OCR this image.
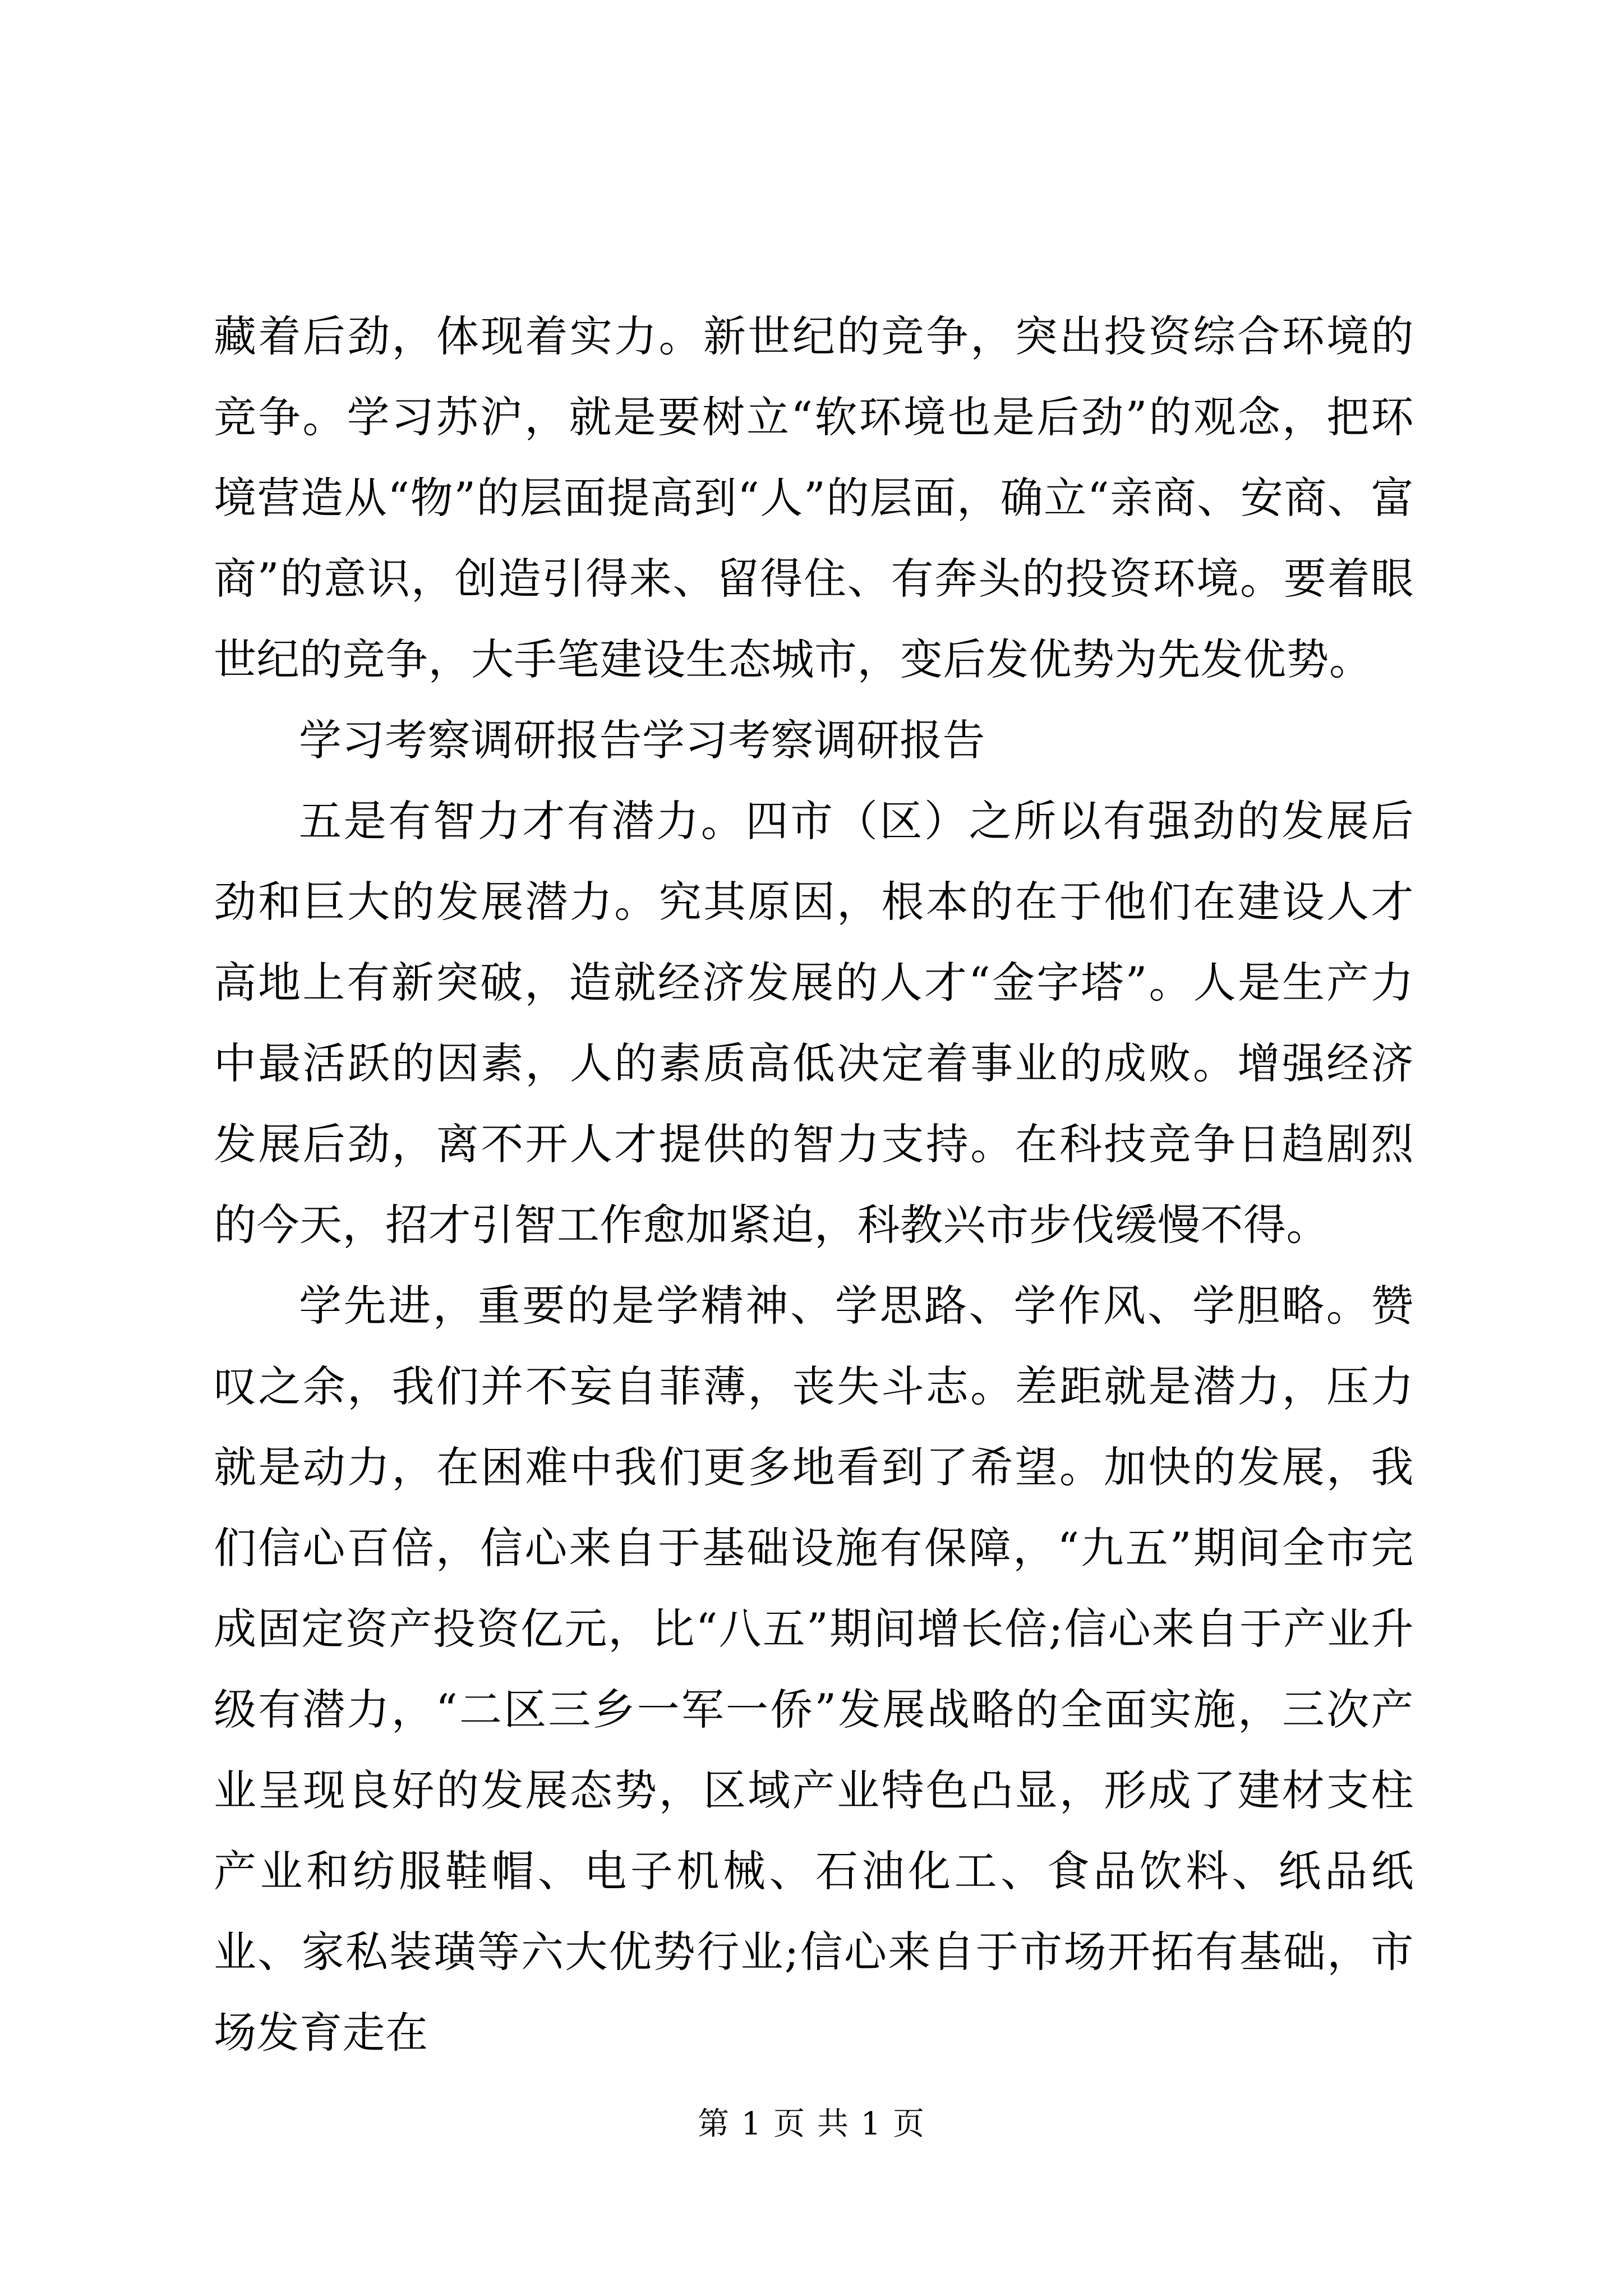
藏着后劲，体现着实力。新世纪的竞争，突出投资综合环境的竞争。学习苏沪，就是要树立“软环境也是后劲”的观念，把环境营造从“物”的层面提高到“人”的层面，确立“亲商、安商、富商”的意识，创造引得来、留得住、有奔头的投资环境。要着眼世纪的竞争，大手笔建设生态城市，变后发优势为先发优势。

学习考察调研报告学习考察调研报告

五是有智力才有潜力。四市（区）之所以有强劲的发展后劲和巨大的发展潜力。究其原因，根本的在于他们在建设人才高地上有新突破，造就经济发展的人才“金字塔”。人是生产力中最活跃的因素，人的素质高低决定着事业的成败。增强经济发展后劲，离不开人才提供的智力支持。在科技竞争日趋剧烈的今天，招才引智工作愈加紧迫，科教兴市步伐缓慢不得。

学先进，重要的是学精神、学思路、学作风、学胆略。赞叹之余，我们并不妄自菲薄，丧失斗志。差距就是潜力，压力就是动力，在困难中我们更多地看到了希望。加快的发展，我们信心百倍，信心来自于基础设施有保障，“九五”期间全市完成固定资产投资亿元，比“八五”期间增长倍;信心来自于产业升级有潜力，“二区三乡一军一侨”发展战略的全面实施，三次产业呈现良好的发展态势，区域产业特色凸显，形成了建材支柱产业和纺服鞋帽、电子机械、石油化工、食品饮料、纸品纸业、家私装璜等六大优势行业;信心来自于市场开拓有基础，市场发育走在

第 1 页 共 1 页
